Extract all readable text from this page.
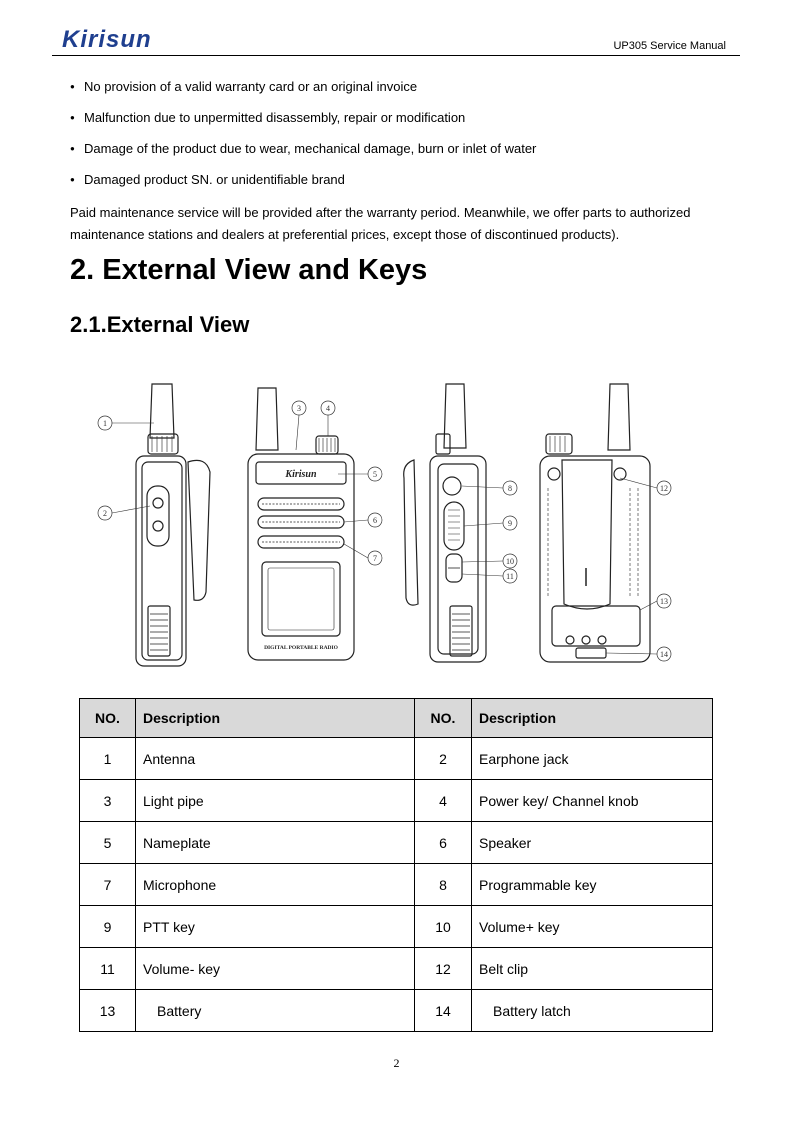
Kirisun	UP305 Service Manual
● No provision of a valid warranty card or an original invoice
● Malfunction due to unpermitted disassembly, repair or modification
● Damage of the product due to wear, mechanical damage, burn or inlet of water
● Damaged product SN. or unidentifiable brand
Paid maintenance service will be provided after the warranty period. Meanwhile, we offer parts to authorized maintenance stations and dealers at preferential prices, except those of discontinued products).
2. External View and Keys
2.1.External View
Kirisun
DIGITAL PORTABLE RADIO
1
2
3	4
5
6
7
8
9
10
11
12
13
14
NO.	Description	NO.	Description
1	Antenna	2	Earphone jack
3	Light pipe	4	Power key/ Channel knob
5	Nameplate	6	Speaker
7	Microphone	8	Programmable key
9	PTT key	10	Volume+ key
11	Volume- key	12	Belt clip
13	Battery	14	Battery latch
2
